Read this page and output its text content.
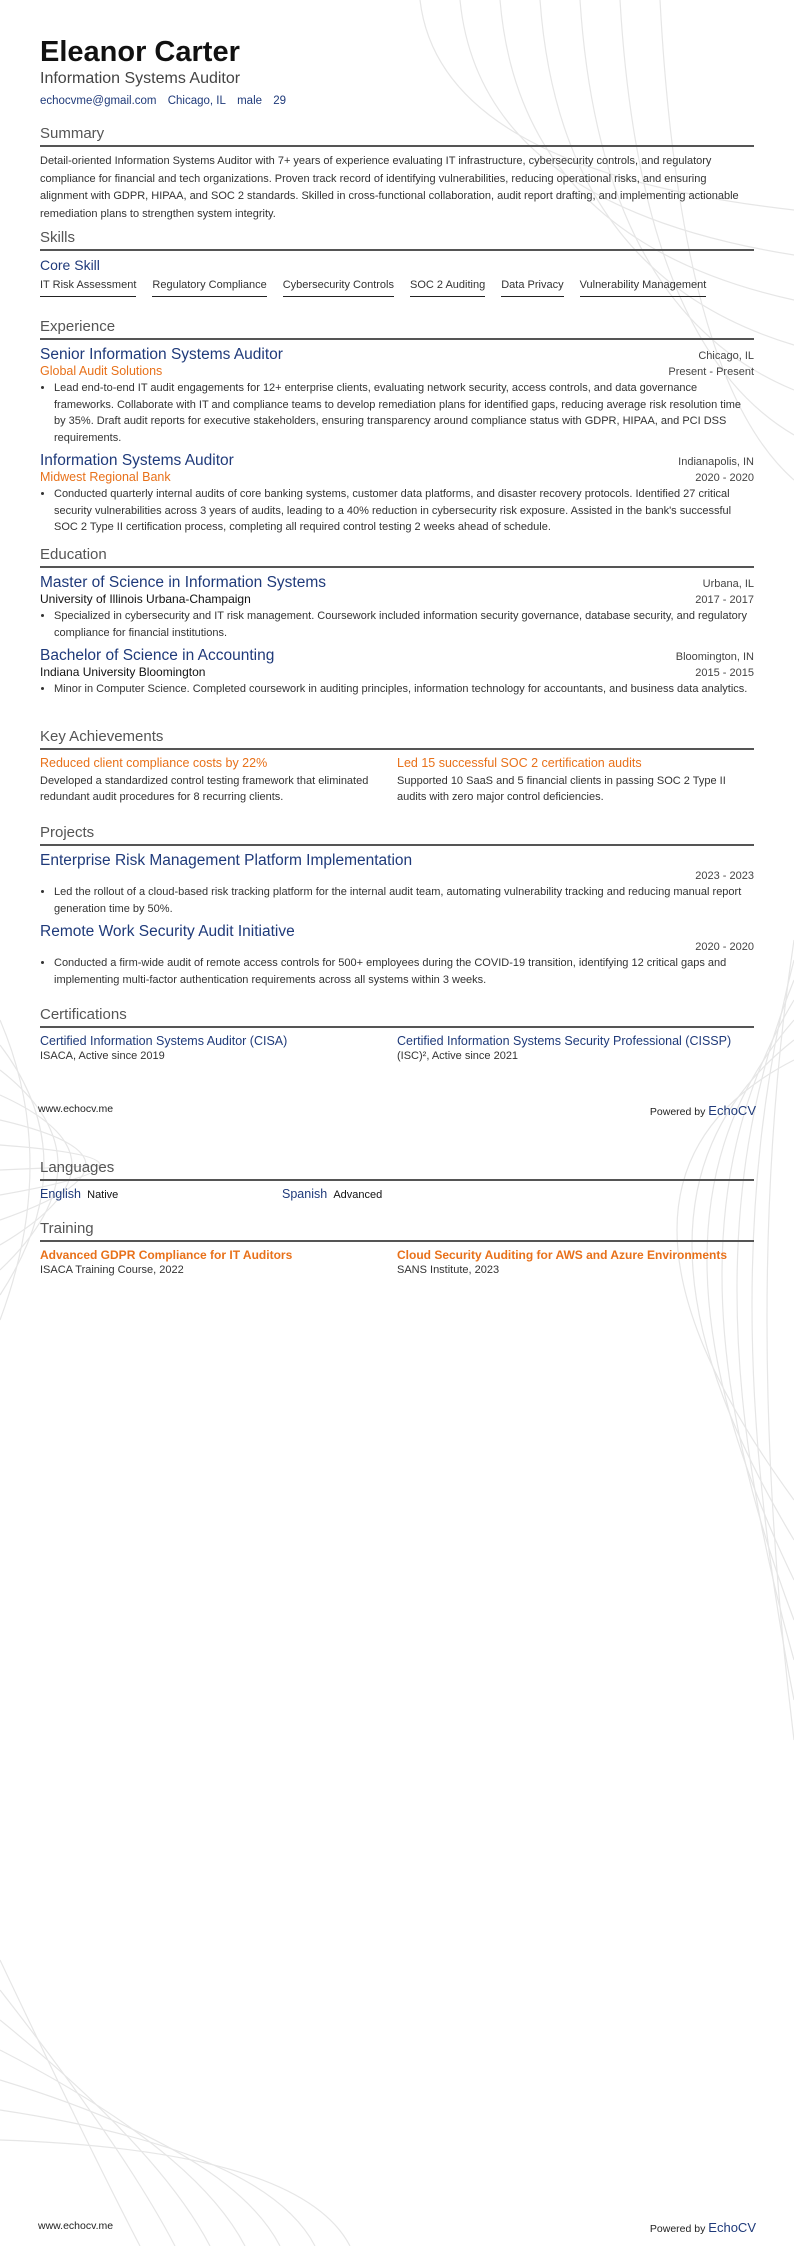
Eleanor Carter
Information Systems Auditor
echocvme@gmail.com Chicago, IL male 29
Summary
Detail-oriented Information Systems Auditor with 7+ years of experience evaluating IT infrastructure, cybersecurity controls, and regulatory compliance for financial and tech organizations. Proven track record of identifying vulnerabilities, reducing operational risks, and ensuring alignment with GDPR, HIPAA, and SOC 2 standards. Skilled in cross-functional collaboration, audit report drafting, and implementing actionable remediation plans to strengthen system integrity.
Skills
Core Skill
IT Risk Assessment Regulatory Compliance Cybersecurity Controls SOC 2 Auditing Data Privacy Vulnerability Management
Experience
Senior Information Systems Auditor	Chicago, IL
Global Audit Solutions	Present - Present
• Lead end-to-end IT audit engagements for 12+ enterprise clients, evaluating network security, access controls, and data governance frameworks. Collaborate with IT and compliance teams to develop remediation plans for identified gaps, reducing average risk resolution time by 35%. Draft audit reports for executive stakeholders, ensuring transparency around compliance status with GDPR, HIPAA, and PCI DSS requirements.
Information Systems Auditor	Indianapolis, IN
Midwest Regional Bank	2020 - 2020
• Conducted quarterly internal audits of core banking systems, customer data platforms, and disaster recovery protocols. Identified 27 critical security vulnerabilities across 3 years of audits, leading to a 40% reduction in cybersecurity risk exposure. Assisted in the bank's successful SOC 2 Type II certification process, completing all required control testing 2 weeks ahead of schedule.
Education
Master of Science in Information Systems	Urbana, IL
University of Illinois Urbana-Champaign	2017 - 2017
• Specialized in cybersecurity and IT risk management. Coursework included information security governance, database security, and regulatory compliance for financial institutions.
Bachelor of Science in Accounting	Bloomington, IN
Indiana University Bloomington	2015 - 2015
• Minor in Computer Science. Completed coursework in auditing principles, information technology for accountants, and business data analytics.
Key Achievements
Reduced client compliance costs by 22%
Developed a standardized control testing framework that eliminated redundant audit procedures for 8 recurring clients.
Led 15 successful SOC 2 certification audits
Supported 10 SaaS and 5 financial clients in passing SOC 2 Type II audits with zero major control deficiencies.
Projects
Enterprise Risk Management Platform Implementation
2023 - 2023
• Led the rollout of a cloud-based risk tracking platform for the internal audit team, automating vulnerability tracking and reducing manual report generation time by 50%.
Remote Work Security Audit Initiative
2020 - 2020
• Conducted a firm-wide audit of remote access controls for 500+ employees during the COVID-19 transition, identifying 12 critical gaps and implementing multi-factor authentication requirements across all systems within 3 weeks.
Certifications
Certified Information Systems Auditor (CISA)
ISACA, Active since 2019
Certified Information Systems Security Professional (CISSP)
(ISC)², Active since 2021
www.echocv.me	Powered by EchoCV
Languages
English Native	Spanish Advanced
Training
Advanced GDPR Compliance for IT Auditors
ISACA Training Course, 2022
Cloud Security Auditing for AWS and Azure Environments
SANS Institute, 2023
www.echocv.me	Powered by EchoCV
